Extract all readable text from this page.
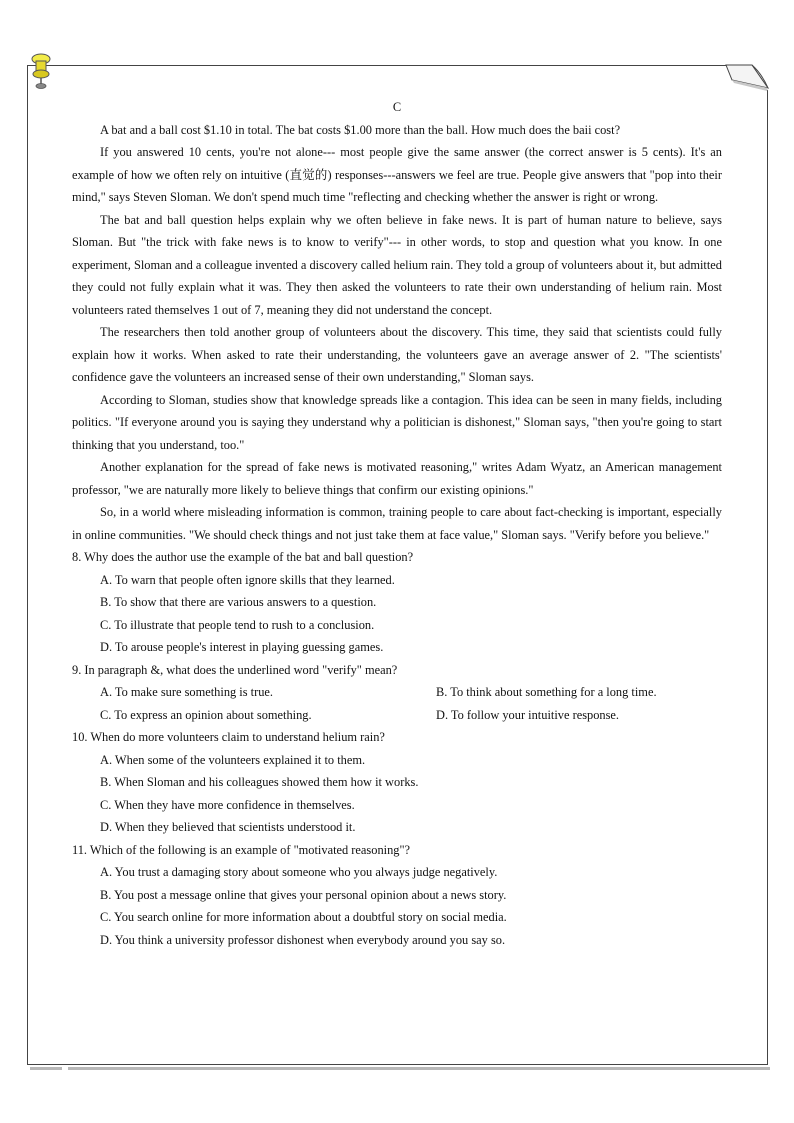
C

A bat and a ball cost $1.10 in total. The bat costs $1.00 more than the ball. How much does the baii cost?

If you answered 10 cents, you're not alone--- most people give the same answer (the correct answer is 5 cents). It's an example of how we often rely on intuitive (直觉的) responses---answers we feel are true. People give answers that "pop into their mind," says Steven Sloman. We don't spend much time "reflecting and checking whether the answer is right or wrong.

The bat and ball question helps explain why we often believe in fake news. It is part of human nature to believe, says Sloman. But "the trick with fake news is to know to verify"--- in other words, to stop and question what you know. In one experiment, Sloman and a colleague invented a discovery called helium rain. They told a group of volunteers about it, but admitted they could not fully explain what it was. They then asked the volunteers to rate their own understanding of helium rain. Most volunteers rated themselves 1 out of 7, meaning they did not understand the concept.

The researchers then told another group of volunteers about the discovery. This time, they said that scientists could fully explain how it works. When asked to rate their understanding, the volunteers gave an average answer of 2. "The scientists' confidence gave the volunteers an increased sense of their own understanding," Sloman says.

According to Sloman, studies show that knowledge spreads like a contagion. This idea can be seen in many fields, including politics. "If everyone around you is saying they understand why a politician is dishonest," Sloman says, "then you're going to start thinking that you understand, too."

Another explanation for the spread of fake news is motivated reasoning," writes Adam Wyatz, an American management professor, "we are naturally more likely to believe things that confirm our existing opinions."

So, in a world where misleading information is common, training people to care about fact-checking is important, especially in online communities. "We should check things and not just take them at face value," Sloman says. "Verify before you believe."

8. Why does the author use the example of the bat and ball question?
A. To warn that people often ignore skills that they learned.
B. To show that there are various answers to a question.
C. To illustrate that people tend to rush to a conclusion.
D. To arouse people's interest in playing guessing games.
9. In paragraph &, what does the underlined word "verify" mean?
A. To make sure something is true.	B. To think about something for a long time.
C. To express an opinion about something.	D. To follow your intuitive response.
10. When do more volunteers claim to understand helium rain?
A. When some of the volunteers explained it to them.
B. When Sloman and his colleagues showed them how it works.
C. When they have more confidence in themselves.
D. When they believed that scientists understood it.
11. Which of the following is an example of "motivated reasoning"?
A. You trust a damaging story about someone who you always judge negatively.
B. You post a message online that gives your personal opinion about a news story.
C. You search online for more information about a doubtful story on social media.
D. You think a university professor dishonest when everybody around you say so.
